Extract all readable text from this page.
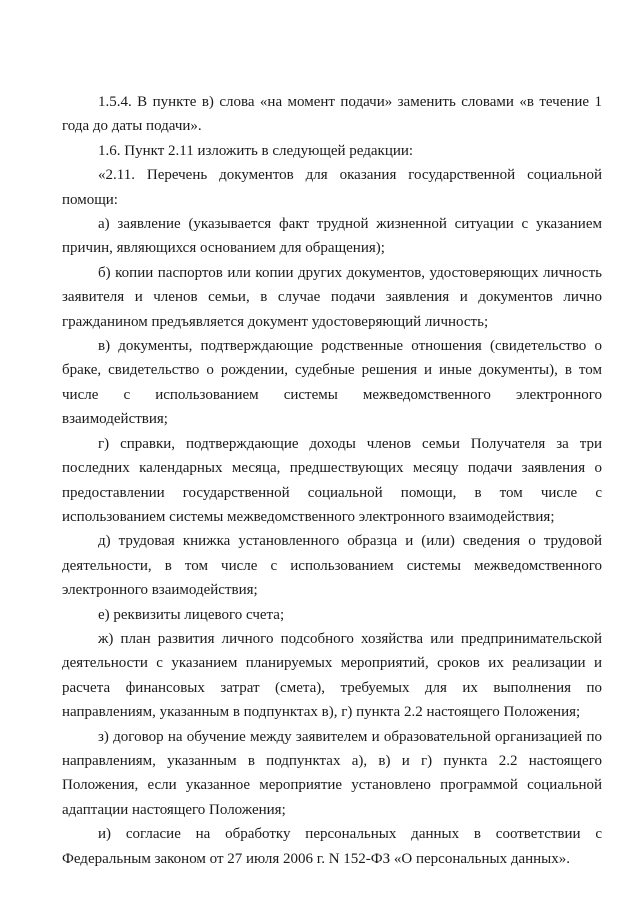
1.5.4. В пункте в) слова «на момент подачи» заменить словами «в течение 1 года до даты подачи».

1.6. Пункт 2.11 изложить в следующей редакции:

«2.11. Перечень документов для оказания государственной социальной помощи:

а) заявление (указывается факт трудной жизненной ситуации с указанием причин, являющихся основанием для обращения);

б) копии паспортов или копии других документов, удостоверяющих личность заявителя и членов семьи, в случае подачи заявления и документов лично гражданином предъявляется документ удостоверяющий личность;

в) документы, подтверждающие родственные отношения (свидетельство о браке, свидетельство о рождении, судебные решения и иные документы), в том числе с использованием системы межведомственного электронного взаимодействия;

г) справки, подтверждающие доходы членов семьи Получателя за три последних календарных месяца, предшествующих месяцу подачи заявления о предоставлении государственной социальной помощи, в том числе с использованием системы межведомственного электронного взаимодействия;

д) трудовая книжка установленного образца и (или) сведения о трудовой деятельности, в том числе с использованием системы межведомственного электронного взаимодействия;

е) реквизиты лицевого счета;

ж) план развития личного подсобного хозяйства или предпринимательской деятельности с указанием планируемых мероприятий, сроков их реализации и расчета финансовых затрат (смета), требуемых для их выполнения по направлениям, указанным в подпунктах в), г) пункта 2.2 настоящего Положения;

з) договор на обучение между заявителем и образовательной организацией по направлениям, указанным в подпунктах а), в) и г) пункта 2.2 настоящего Положения, если указанное мероприятие установлено программой социальной адаптации настоящего Положения;

и) согласие на обработку персональных данных в соответствии с Федеральным законом от 27 июля 2006 г. N 152-ФЗ «О персональных данных».
